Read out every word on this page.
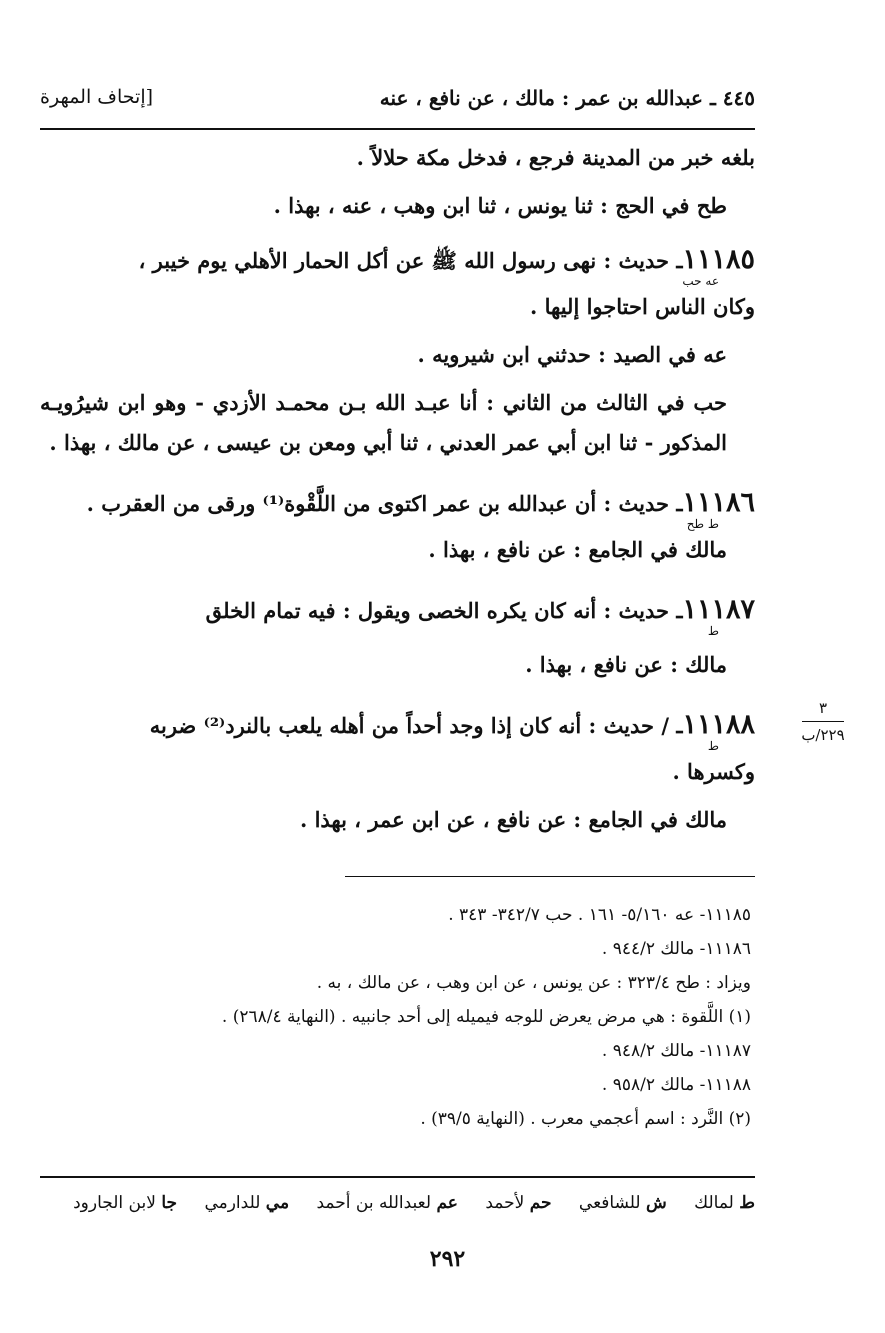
٤٤٥ ـ عبدالله بن عمر : مالك ، عن نافع ، عنه
[إتحاف المهرة

بلغه خبر من المدينة فرجع ، فدخل مكة حلالاً .

طح في الحج : ثنا يونس ، ثنا ابن وهب ، عنه ، بهذا .

١١١٨٥ـ حديث : نهى رسول الله ﷺ عن أكل الحمار الأهلي يوم خيبر ،

عه حب

وكان الناس احتاجوا إليها .

عه في الصيد : حدثني ابن شيرويه .

حب في الثالث من الثاني : أنا عبـد الله بـن محمـد الأزدي - وهو ابن شيرُويـه المذكور - ثنا ابن أبي عمر العدني ، ثنا أبي ومعن بن عيسى ، عن مالك ، بهذا .

١١١٨٦ـ حديث : أن عبدالله بن عمر اكتوى من اللَّقْوة⁽¹⁾ ورقى من العقرب .

ط طح

مالك في الجامع : عن نافع ، بهذا .

١١١٨٧ـ حديث : أنه كان يكره الخصى ويقول : فيه تمام الخلق

ط

مالك : عن نافع ، بهذا .

١١١٨٨ـ / حديث : أنه كان إذا وجد أحداً من أهله يلعب بالنرد⁽²⁾ ضربه

ط

وكسرها .

مالك في الجامع : عن نافع ، عن ابن عمر ، بهذا .

٣
٢٢٩/ب

١١١٨٥- عه ٥/١٦٠- ١٦١ . حب ٣٤٢/٧- ٣٤٣ .

١١١٨٦- مالك ٩٤٤/٢ .

ويزاد : طح ٣٢٣/٤ : عن يونس ، عن ابن وهب ، عن مالك ، به .

(١) اللَّقوة : هي مرض يعرض للوجه فيميله إلى أحد جانبيه . (النهاية ٢٦٨/٤) .

١١١٨٧- مالك ٩٤٨/٢ .

١١١٨٨- مالك ٩٥٨/٢ .

(٢) النَّرد : اسم أعجمي معرب . (النهاية ٣٩/٥) .

ط لمالك ش للشافعي حم لأحمد عم لعبدالله بن أحمد مي للدارمي جا لابن الجارود
٢٩٢
